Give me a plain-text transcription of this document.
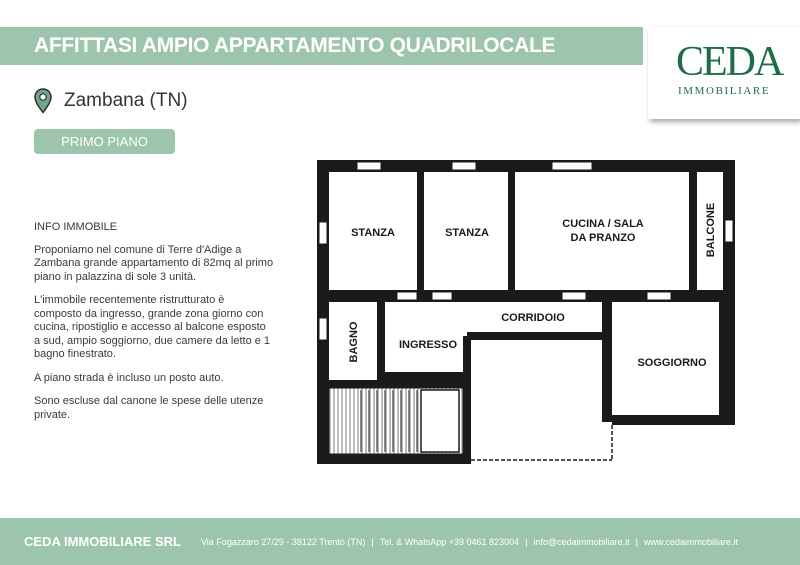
AFFITTASI AMPIO APPARTAMENTO QUADRILOCALE	CEDA
IMMOBILIARE
Zambana (TN)
PRIMO PIANO
INFO IMMOBILE

Proponiamo nel comune di Terre d'Adige a Zambana grande appartamento di 82mq al primo piano in palazzina di sole 3 unità.

L'immobile recentemente ristrutturato è composto da ingresso, grande zona giorno con cucina, ripostiglio e accesso al balcone esposto a sud, ampio soggiorno, due camere da letto e 1 bagno finestrato.

A piano strada è incluso un posto auto.

Sono escluse dal canone le spese delle utenze private.

STANZA	STANZA
CUCINA / SALA
DA PRANZO	BALCONE
BAGNO
CORRIDOIO
INGRESSO
SOGGIORNO
CEDA IMMOBILIARE SRL Via Fogazzaro 27/29 - 38122 Trento (TN) | Tel. & WhatsApp +39 0461 823004 | info@cedaimmobiliare.it | www.cedaimmobiliare.it
